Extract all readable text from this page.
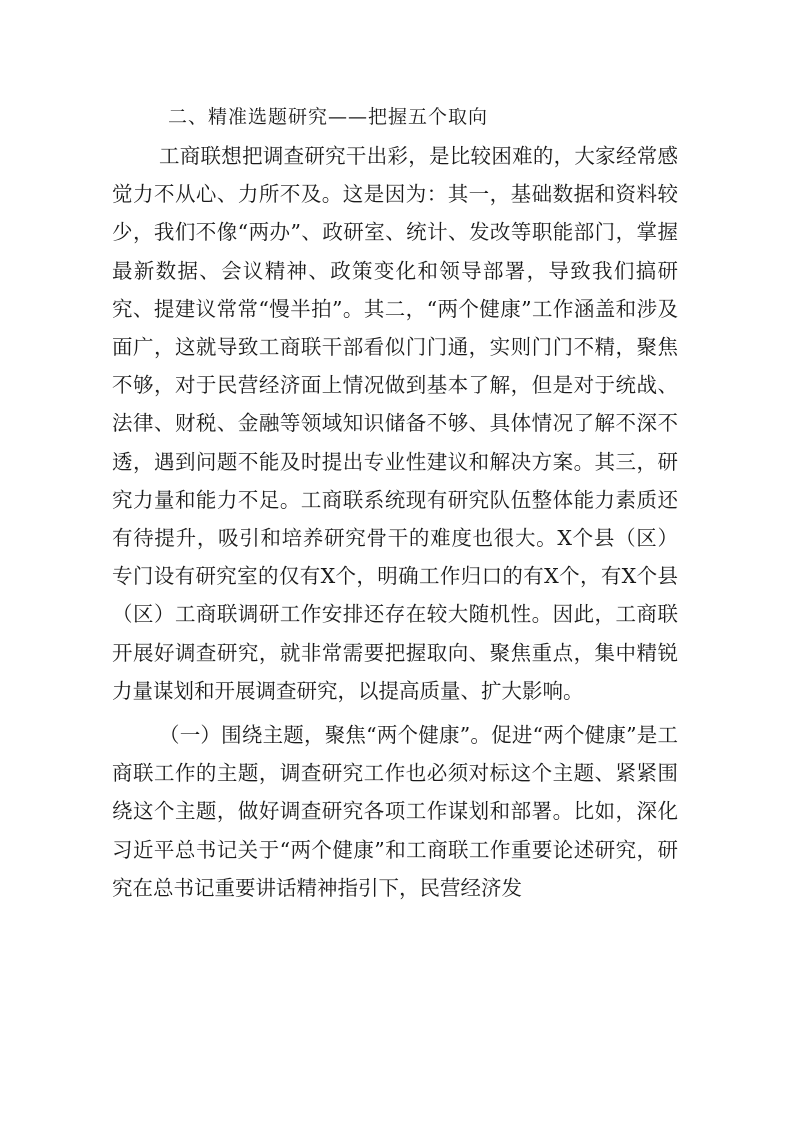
二、精准选题研究——把握五个取向

工商联想把调查研究干出彩，是比较困难的，大家经常感觉力不从心、力所不及。这是因为：其一，基础数据和资料较少，我们不像“两办”、政研室、统计、发改等职能部门，掌握最新数据、会议精神、政策变化和领导部署，导致我们搞研究、提建议常常“慢半拍”。其二，“两个健康”工作涵盖和涉及面广，这就导致工商联干部看似门门通，实则门门不精，聚焦不够，对于民营经济面上情况做到基本了解，但是对于统战、法律、财税、金融等领域知识储备不够、具体情况了解不深不透，遇到问题不能及时提出专业性建议和解决方案。其三，研究力量和能力不足。工商联系统现有研究队伍整体能力素质还有待提升，吸引和培养研究骨干的难度也很大。X个县（区）专门设有研究室的仅有X个，明确工作归口的有X个，有X个县（区）工商联调研工作安排还存在较大随机性。因此，工商联开展好调查研究，就非常需要把握取向、聚焦重点，集中精锐力量谋划和开展调查研究，以提高质量、扩大影响。

（一）围绕主题，聚焦“两个健康”。促进“两个健康”是工商联工作的主题，调查研究工作也必须对标这个主题、紧紧围绕这个主题，做好调查研究各项工作谋划和部署。比如，深化习近平总书记关于“两个健康”和工商联工作重要论述研究，研究在总书记重要讲话精神指引下，民营经济发
